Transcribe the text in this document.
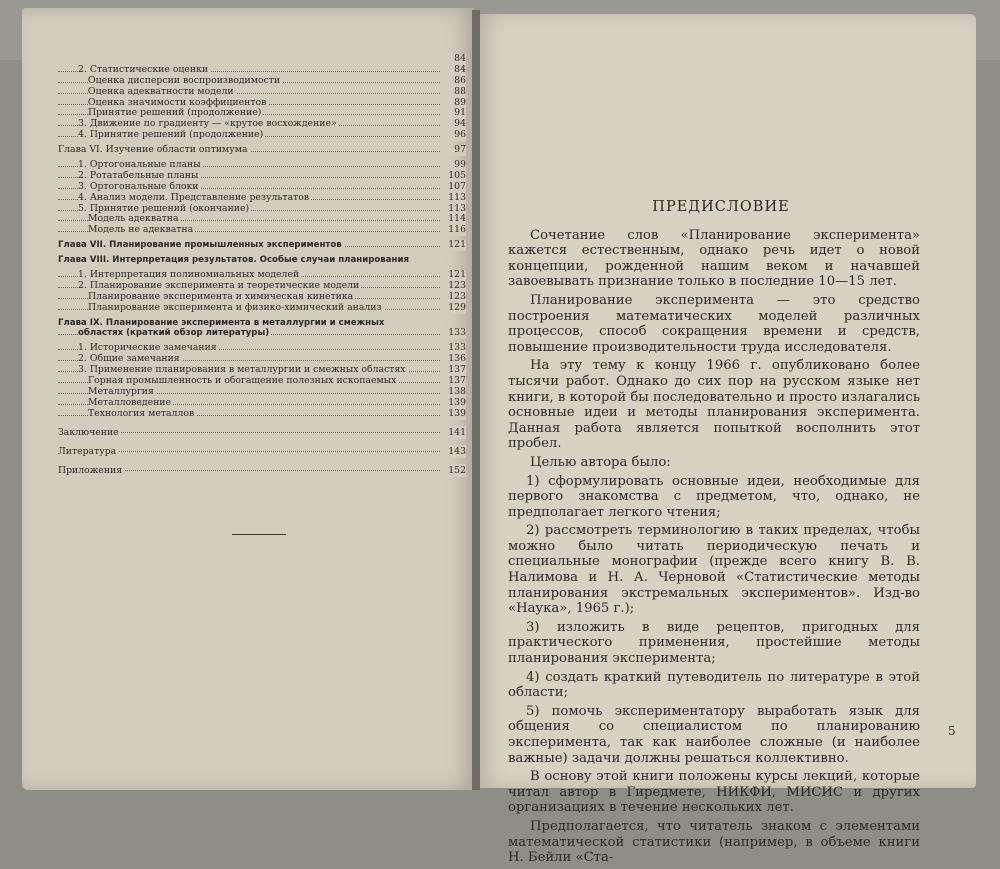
84
2. Статистические оценки	84
Оценка дисперсии воспроизводимости	86
Оценка адекватности модели	88
Оценка значимости коэффициентов	89
Принятие решений (продолжение)	91
3. Движение по градиенту — «крутое восхождение»	94
4. Принятие решений (продолжение)	96
Глава VI. Изучение области оптимума	97
1. Ортогональные планы	99
2. Ротатабельные планы	105
3. Ортогональные блоки	107
4. Анализ модели. Представление результатов	113
5. Принятие решений (окончание)	113
Модель адекватна	114
Модель не адекватна	116
Глава VII. Планирование промышленных экспериментов	121
Глава VIII. Интерпретация результатов. Особые случаи планирования
1. Интерпретация полиномиальных моделей	121
2. Планирование эксперимента и теоретические модели	123
Планирование эксперимента и химическая кинетика	123
Планирование эксперимента и физико-химический анализ	129
Глава IX. Планирование эксперимента в металлургии и смежных
областях (краткий обзор литературы)	133
1. Исторические замечания	133
2. Общие замечания	136
3. Применение планирования в металлургии и смежных областях	137
Горная промышленность и обогащение полезных ископаемых	137
Металлургия	138
Металловедение	139
Технология металлов	139
Заключение	141
Литература	143
Приложения	152
ПРЕДИСЛОВИЕ

Сочетание слов «Планирование эксперимента» кажется естественным, однако речь идет о новой концепции, рожденной нашим веком и начавшей завоевывать признание только в последние 10—15 лет.

Планирование эксперимента — это средство построения математических моделей различных процессов, способ сокращения времени и средств, повышение производительности труда исследователя.

На эту тему к концу 1966 г. опубликовано более тысячи работ. Однако до сих пор на русском языке нет книги, в которой бы последовательно и просто излагались основные идеи и методы планирования эксперимента. Данная работа является попыткой восполнить этот пробел.

Целью автора было:

1) сформулировать основные идеи, необходимые для первого знакомства с предметом, что, однако, не предполагает легкого чтения;

2) рассмотреть терминологию в таких пределах, чтобы можно было читать периодическую печать и специальные монографии (прежде всего книгу В. В. Налимова и Н. А. Черновой «Статистические методы планирования экстремальных экспериментов». Изд-во «Наука», 1965 г.);

3) изложить в виде рецептов, пригодных для практического применения, простейшие методы планирования эксперимента;

4) создать краткий путеводитель по литературе в этой области;

5) помочь экспериментатору выработать язык для общения со специалистом по планированию эксперимента, так как наиболее сложные (и наиболее важные) задачи должны решаться коллективно.

В основу этой книги положены курсы лекций, которые читал автор в Гиредмете, НИКФИ, МИСИС и других организациях в течение нескольких лет.

Предполагается, что читатель знаком с элементами математической статистики (например, в объеме книги Н. Бейли «Ста-

5
